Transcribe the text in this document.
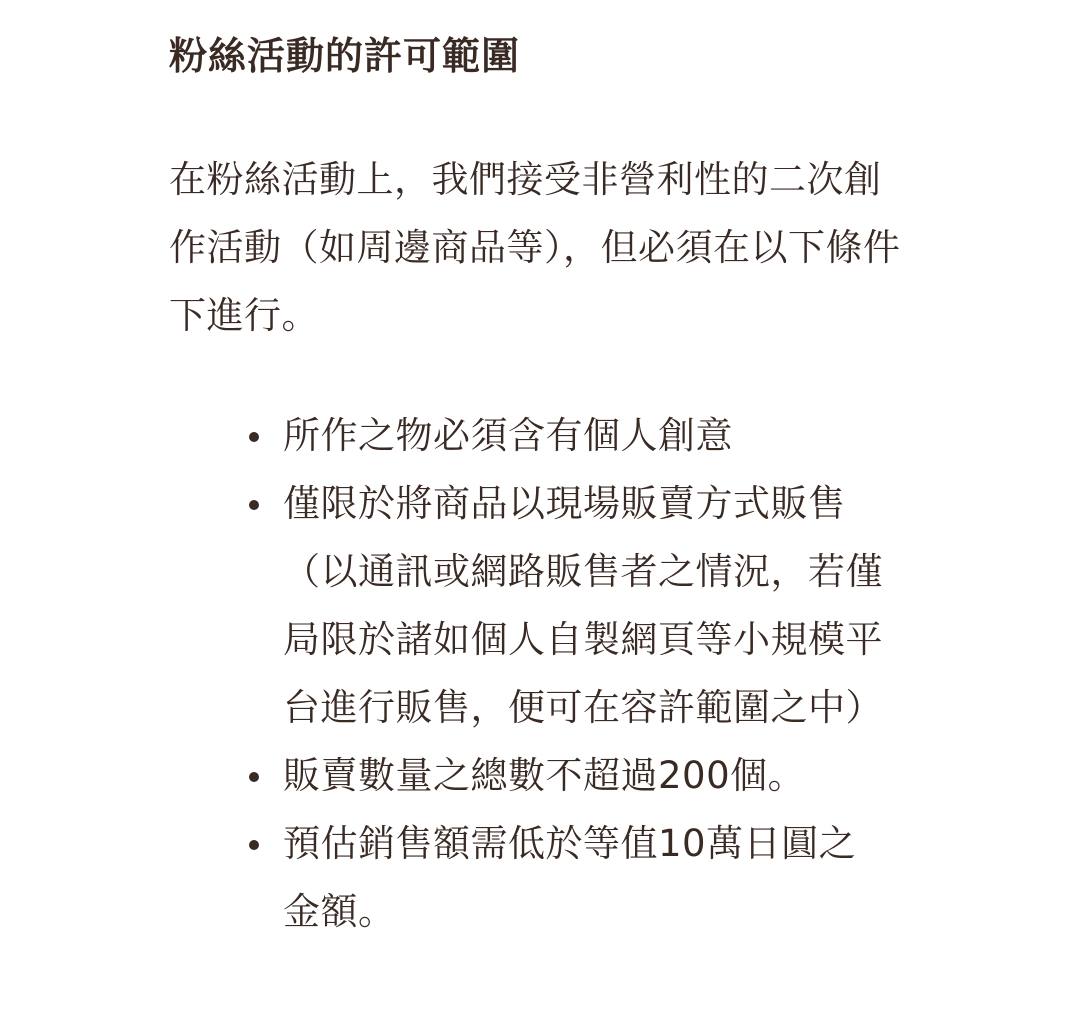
粉絲活動的許可範圍

在粉絲活動上，我們接受非營利性的二次創作活動（如周邊商品等），但必須在以下條件下進行。

所作之物必須含有個人創意
僅限於將商品以現場販賣方式販售（以通訊或網路販售者之情況，若僅局限於諸如個人自製網頁等小規模平台進行販售，便可在容許範圍之中）
販賣數量之總數不超過200個。
預估銷售額需低於等值10萬日圓之金額。
